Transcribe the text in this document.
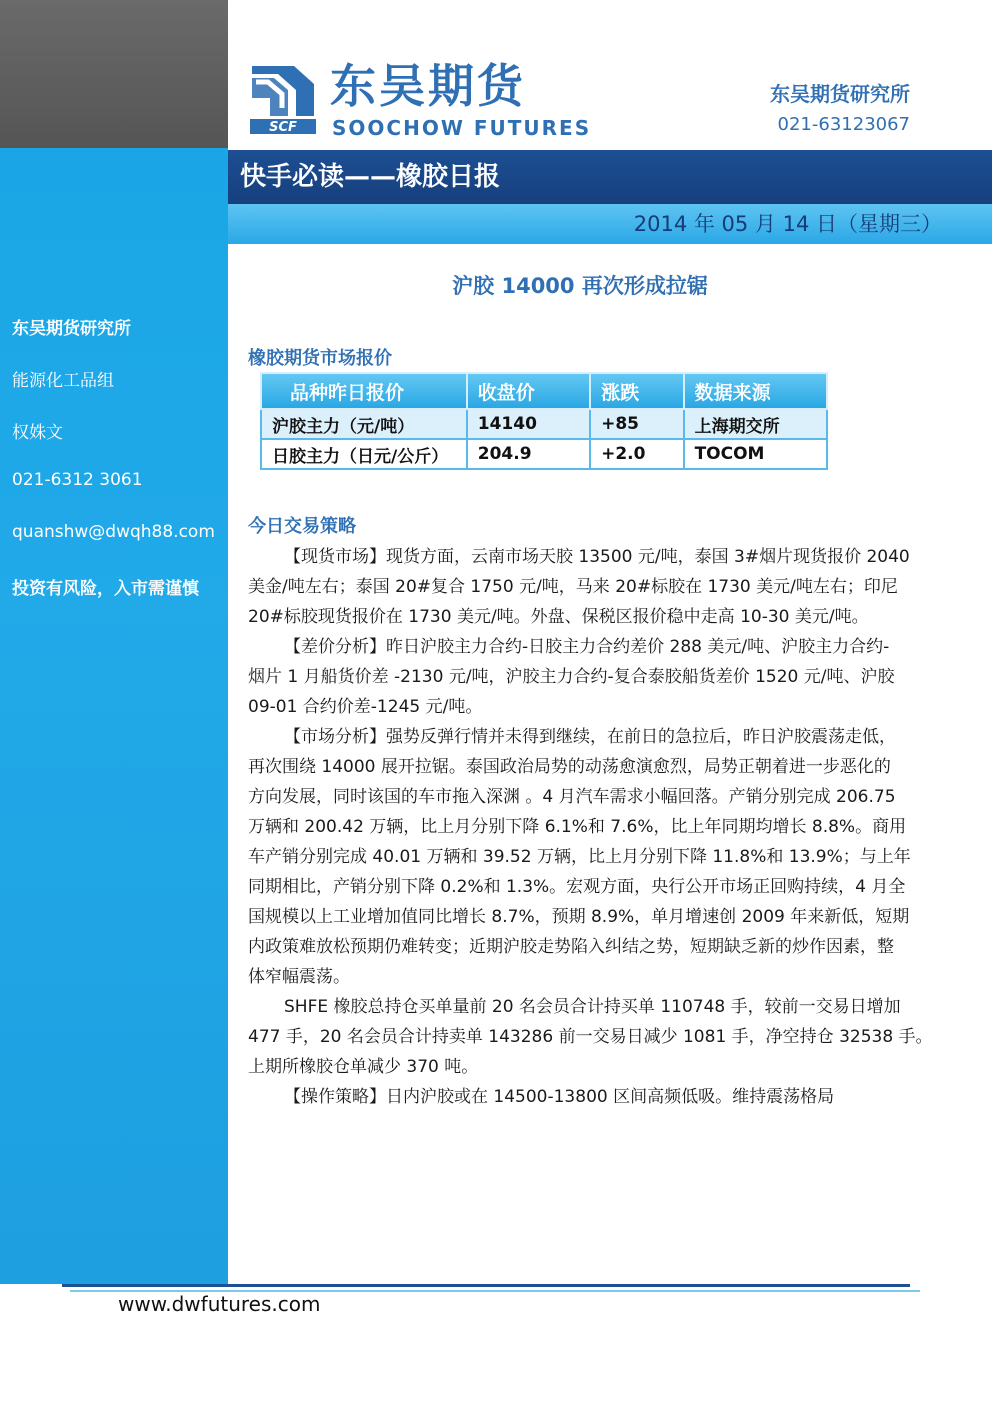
东吴期货研究所
能源化工品组
权姝文
021-6312 3061
quanshw@dwqh88.com
投资有风险，入市需谨慎
SCF
东吴期货
SOOCHOW FUTURES
东吴期货研究所
021-63123067
快手必读——橡胶日报
2014 年 05 月 14 日（星期三）
沪胶 14000 再次形成拉锯
橡胶期货市场报价
品种昨日报价	收盘价	涨跌	数据来源
沪胶主力（元/吨）	14140	+85	上海期交所
日胶主力（日元/公斤）	204.9	+2.0	TOCOM
今日交易策略
【现货市场】现货方面，云南市场天胶 13500 元/吨，泰国 3#烟片现货报价 2040
美金/吨左右；泰国 20#复合 1750 元/吨，马来 20#标胶在 1730 美元/吨左右；印尼
20#标胶现货报价在 1730 美元/吨。外盘、保税区报价稳中走高 10-30 美元/吨。
【差价分析】昨日沪胶主力合约-日胶主力合约差价 288 美元/吨、沪胶主力合约-
烟片 1 月船货价差 -2130 元/吨，沪胶主力合约-复合泰胶船货差价 1520 元/吨、沪胶
09-01 合约价差-1245 元/吨。
【市场分析】强势反弹行情并未得到继续，在前日的急拉后，昨日沪胶震荡走低，
再次围绕 14000 展开拉锯。泰国政治局势的动荡愈演愈烈，局势正朝着进一步恶化的
方向发展，同时该国的车市拖入深渊 。4 月汽车需求小幅回落。产销分别完成 206.75
万辆和 200.42 万辆，比上月分别下降 6.1%和 7.6%，比上年同期均增长 8.8%。商用
车产销分别完成 40.01 万辆和 39.52 万辆，比上月分别下降 11.8%和 13.9%；与上年
同期相比，产销分别下降 0.2%和 1.3%。宏观方面，央行公开市场正回购持续，4 月全
国规模以上工业增加值同比增长 8.7%，预期 8.9%，单月增速创 2009 年来新低，短期
内政策难放松预期仍难转变；近期沪胶走势陷入纠结之势，短期缺乏新的炒作因素，整
体窄幅震荡。
SHFE 橡胶总持仓买单量前 20 名会员合计持买单 110748 手，较前一交易日增加
477 手，20 名会员合计持卖单 143286 前一交易日减少 1081 手，净空持仓 32538 手。
上期所橡胶仓单减少 370 吨。
【操作策略】日内沪胶或在 14500-13800 区间高频低吸。维持震荡格局
www.dwfutures.com
